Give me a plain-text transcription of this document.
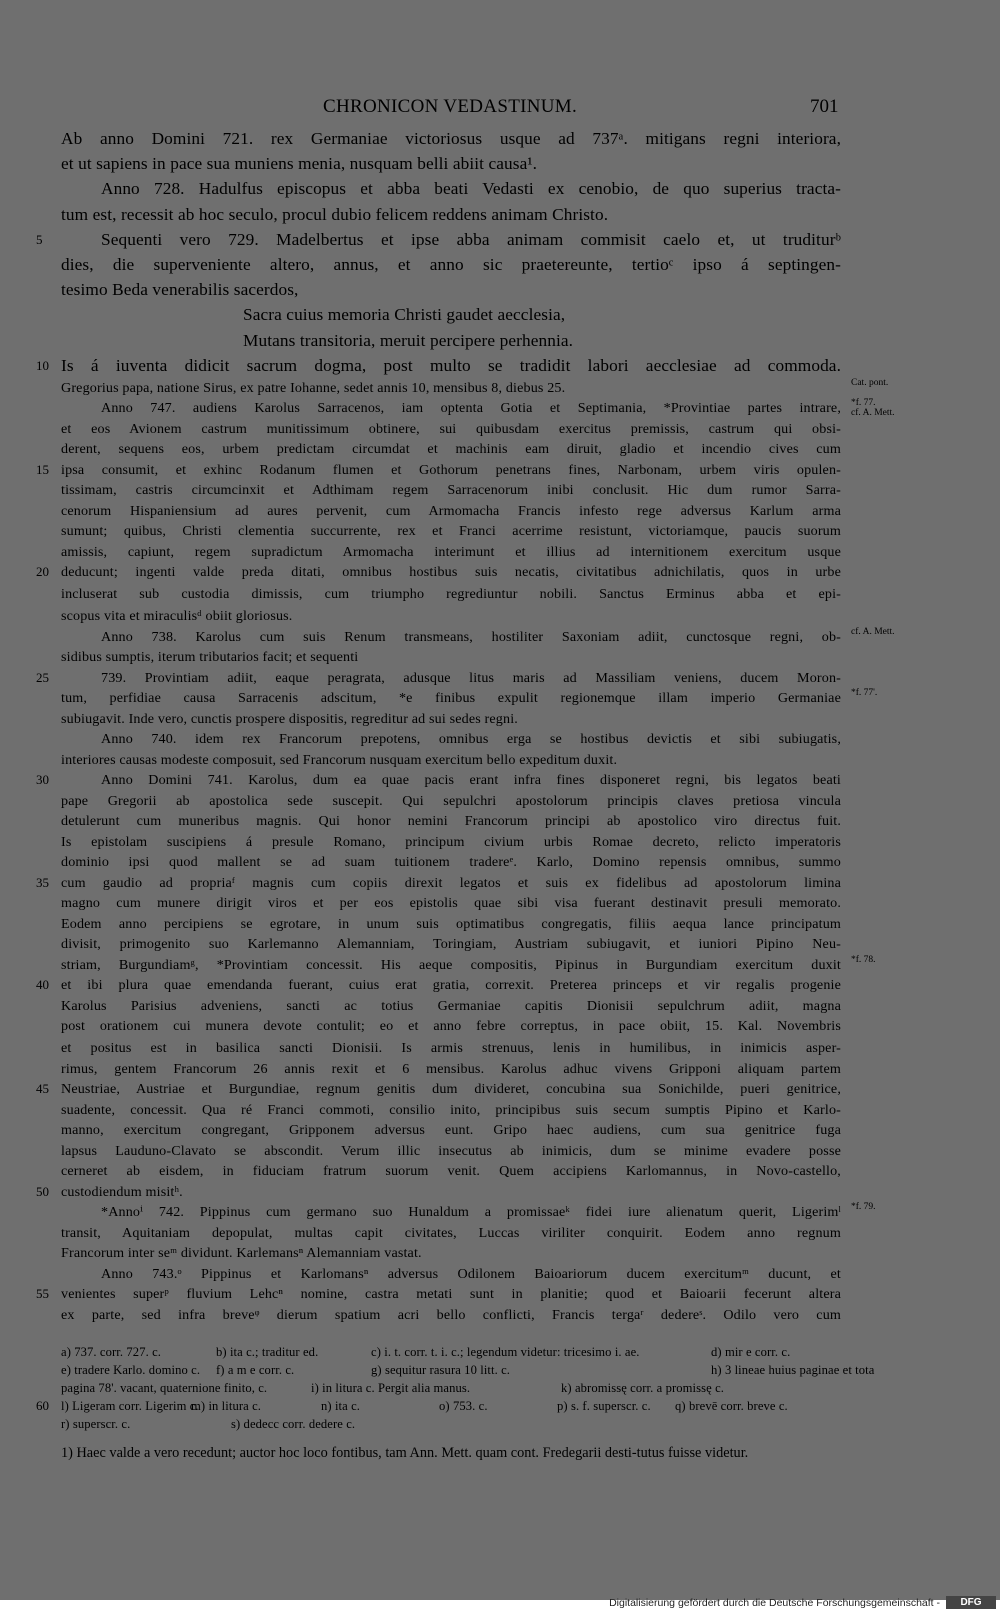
CHRONICON VEDASTINUM.	701
Ab anno Domini 721. rex Germaniae victoriosus usque ad 737ᵃ. mitigans regni interiora,
et ut sapiens in pace sua muniens menia, nusquam belli abiit causa¹.
Anno 728. Hadulfus episcopus et abba beati Vedasti ex cenobio, de quo superius tracta-
tum est, recessit ab hoc seculo, procul dubio felicem reddens animam Christo.
5	Sequenti vero 729. Madelbertus et ipse abba animam commisit caelo et, ut truditurᵇ
dies, die superveniente altero, annus, et anno sic praetereunte, tertioᶜ ipso á septingen-
tesimo Beda venerabilis sacerdos,
Sacra cuius memoria Christi gaudet aecclesia,
Mutans transitoria, meruit percipere perhennia.
10 Is á iuventa didicit sacrum dogma, post multo se tradidit labori aecclesiae ad commoda.
Gregorius papa, natione Sirus, ex patre Iohanne, sedet annis 10, mensibus 8, diebus 25.	Cat. pont.
Anno 747. audiens Karolus Sarracenos, iam optenta Gotia et Septimania, *Provintiae partes intrare, *f. 77.
cf. A. Mett.
et eos Avionem castrum munitissimum obtinere, sui quibusdam exercitus premissis, castrum qui obsi-
derent, sequens eos, urbem predictam circumdat et machinis eam diruit, gladio et incendio cives cum
15 ipsa consumit, et exhinc Rodanum flumen et Gothorum penetrans fines, Narbonam, urbem viris opulen-
tissimam, castris circumcinxit et Adthimam regem Sarracenorum inibi conclusit. Hic dum rumor Sarra-
cenorum Hispaniensium ad aures pervenit, cum Armomacha Francis infesto rege adversus Karlum arma
sumunt; quibus, Christi clementia succurrente, rex et Franci acerrime resistunt, victoriamque, paucis suorum
amissis, capiunt, regem supradictum Armomacha interimunt et illius ad internitionem exercitum usque
20 deducunt; ingenti valde preda ditati, omnibus hostibus suis necatis, civitatibus adnichilatis, quos in urbe
incluserat sub custodia dimissis, cum triumpho regrediuntur nobili. Sanctus Erminus abba et epi-
scopus vita et miraculisᵈ obiit gloriosus.
Anno 738. Karolus cum suis Renum transmeans, hostiliter Saxoniam adiit, cunctosque regni, ob- cf. A. Mett.
sidibus sumptis, iterum tributarios facit; et sequenti
25	739. Provintiam adiit, eaque peragrata, adusque litus maris ad Massiliam veniens, ducem Moron-
tum, perfidiae causa Sarracenis adscitum, *e finibus expulit regionemque illam imperio Germaniae *f. 77'.
subiugavit. Inde vero, cunctis prospere dispositis, regreditur ad sui sedes regni.
Anno 740. idem rex Francorum prepotens, omnibus erga se hostibus devictis et sibi subiugatis,
interiores causas modeste composuit, sed Francorum nusquam exercitum bello expeditum duxit.
30	Anno Domini 741. Karolus, dum ea quae pacis erant infra fines disponeret regni, bis legatos beati
pape Gregorii ab apostolica sede suscepit. Qui sepulchri apostolorum principis claves pretiosa vincula
detulerunt cum muneribus magnis. Qui honor nemini Francorum principi ab apostolico viro directus fuit.
Is epistolam suscipiens á presule Romano, principum civium urbis Romae decreto, relicto imperatoris
dominio ipsi quod mallent se ad suam tuitionem tradereᵉ. Karlo, Domino repensis omnibus, summo
35 cum gaudio ad propriaᶠ magnis cum copiis direxit legatos et suis ex fidelibus ad apostolorum limina
magno cum munere dirigit viros et per eos epistolis quae sibi visa fuerant destinavit presuli memorato.
Eodem anno percipiens se egrotare, in unum suis optimatibus congregatis, filiis aequa lance principatum
divisit, primogenito suo Karlemanno Alemanniam, Toringiam, Austriam subiugavit, et iuniori Pipino Neu-
striam, Burgundiamᵍ, *Provintiam concessit. His aeque compositis, Pipinus in Burgundiam exercitum duxit *f. 78.
40 et ibi plura quae emendanda fuerant, cuius erat gratia, correxit. Preterea princeps et vir regalis progenie
Karolus Parisius adveniens, sancti ac totius Germaniae capitis Dionisii sepulchrum adiit, magna
post orationem cui munera devote contulit; eo et anno febre correptus, in pace obiit, 15. Kal. Novembris
et positus est in basilica sancti Dionisii. Is armis strenuus, lenis in humilibus, in inimicis asper-
rimus, gentem Francorum 26 annis rexit et 6 mensibus. Karolus adhuc vivens Gripponi aliquam partem
45 Neustriae, Austriae et Burgundiae, regnum genitis dum divideret, concubina sua Sonichilde, pueri genitrice,
suadente, concessit. Qua ré Franci commoti, consilio inito, principibus suis secum sumptis Pipino et Karlo-
manno, exercitum congregant, Gripponem adversus eunt. Gripo haec audiens, cum sua genitrice fuga
lapsus Lauduno-Clavato se abscondit. Verum illic insecutus ab inimicis, dum se minime evadere posse
cerneret ab eisdem, in fiduciam fratrum suorum venit. Quem accipiens Karlomannus, in Novo-castello,
50 custodiendum misitʰ.
*Annoⁱ 742. Pippinus cum germano suo Hunaldum a promissaeᵏ fidei iure alienatum querit, Ligerimˡ *f. 79.
transit, Aquitaniam depopulat, multas capit civitates, Luccas viriliter conquirit. Eodem anno regnum
Francorum inter seᵐ dividunt. Karlemansⁿ Alemanniam vastat.
Anno 743.ᵒ Pippinus et Karlomansⁿ adversus Odilonem Baioariorum ducem exercitumᵐ ducunt, et
55 venientes superᵖ fluvium Lehcⁿ nomine, castra metati sunt in planitie; quod et Baioarii fecerunt altera
ex parte, sed infra breveᵠ dierum spatium acri bello conflicti, Francis tergaʳ dedereˢ. Odilo vero cum
a) 737. corr. 727. c.	b) ita c.; traditur ed.	c) i. t. corr. t. i. c.; legendum videtur: tricesimo i. ae.	d) mir e corr. c.
e) tradere Karlo. domino c. f) a m e corr. c.	g) sequitur rasura 10 litt. c.	h) 3 lineae huius paginae et tota
pagina 78'. vacant, quaternione finito, c.	i) in litura c. Pergit alia manus.	k) abromissę corr. a promissę c.
60 l) Ligeram corr. Ligerim c.m) in litura c.	n) ita c.	o) 753. c.	p) s. f. superscr. c. q) brevē corr. breve c.
r) superscr. c.	s) dedecc corr. dedere c.
1) Haec valde a vero recedunt; auctor hoc loco fontibus, tam Ann. Mett. quam cont. Fredegarii desti-tutus fuisse videtur.
Digitalisierung gefördert durch die Deutsche Forschungsgemeinschaft -	DFG
